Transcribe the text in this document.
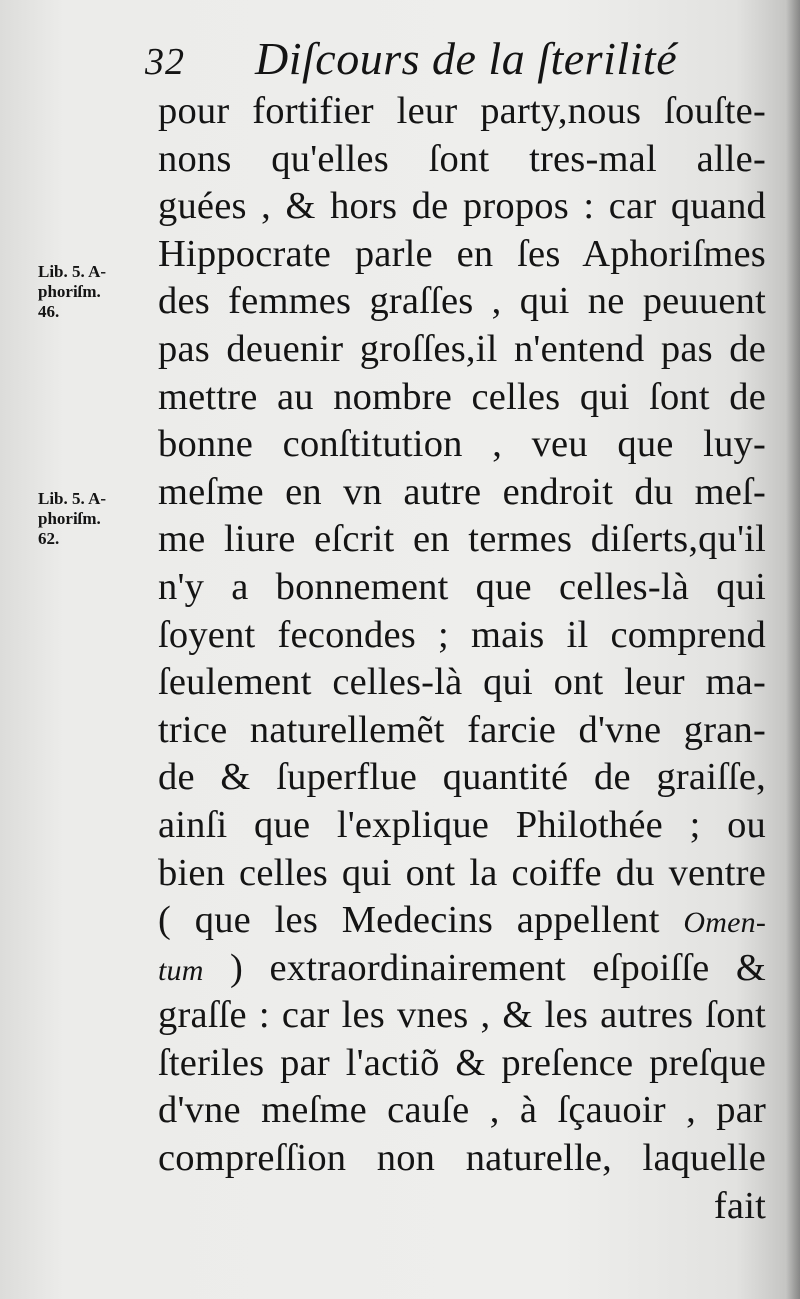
32 Diſcours de la ſterilité
Lib. 5. A-
phoriſm.
46.
Lib. 5. A-
phoriſm.
62.
pour fortifier leur party,nous ſouſte-
nons qu'elles ſont tres-mal alle-
guées , & hors de propos : car quand
Hippocrate parle en ſes Aphoriſmes
des femmes graſſes , qui ne peuuent
pas deuenir groſſes,il n'entend pas de
mettre au nombre celles qui ſont de
bonne conſtitution , veu que luy-
meſme en vn autre endroit du meſ-
me liure eſcrit en termes diſerts,qu'il
n'y a bonnement que celles-là qui
ſoyent fecondes ; mais il comprend
ſeulement celles-là qui ont leur ma-
trice naturellemẽt farcie d'vne gran-
de & ſuperflue quantité de graiſſe,
ainſi que l'explique Philothée ; ou
bien celles qui ont la coiffe du ventre
( que les Medecins appellent Omen-
tum ) extraordinairement eſpoiſſe &
graſſe : car les vnes , & les autres ſont
ſteriles par l'actiõ & preſence preſque
d'vne meſme cauſe , à ſçauoir , par
compreſſion non naturelle, laquelle
fait
